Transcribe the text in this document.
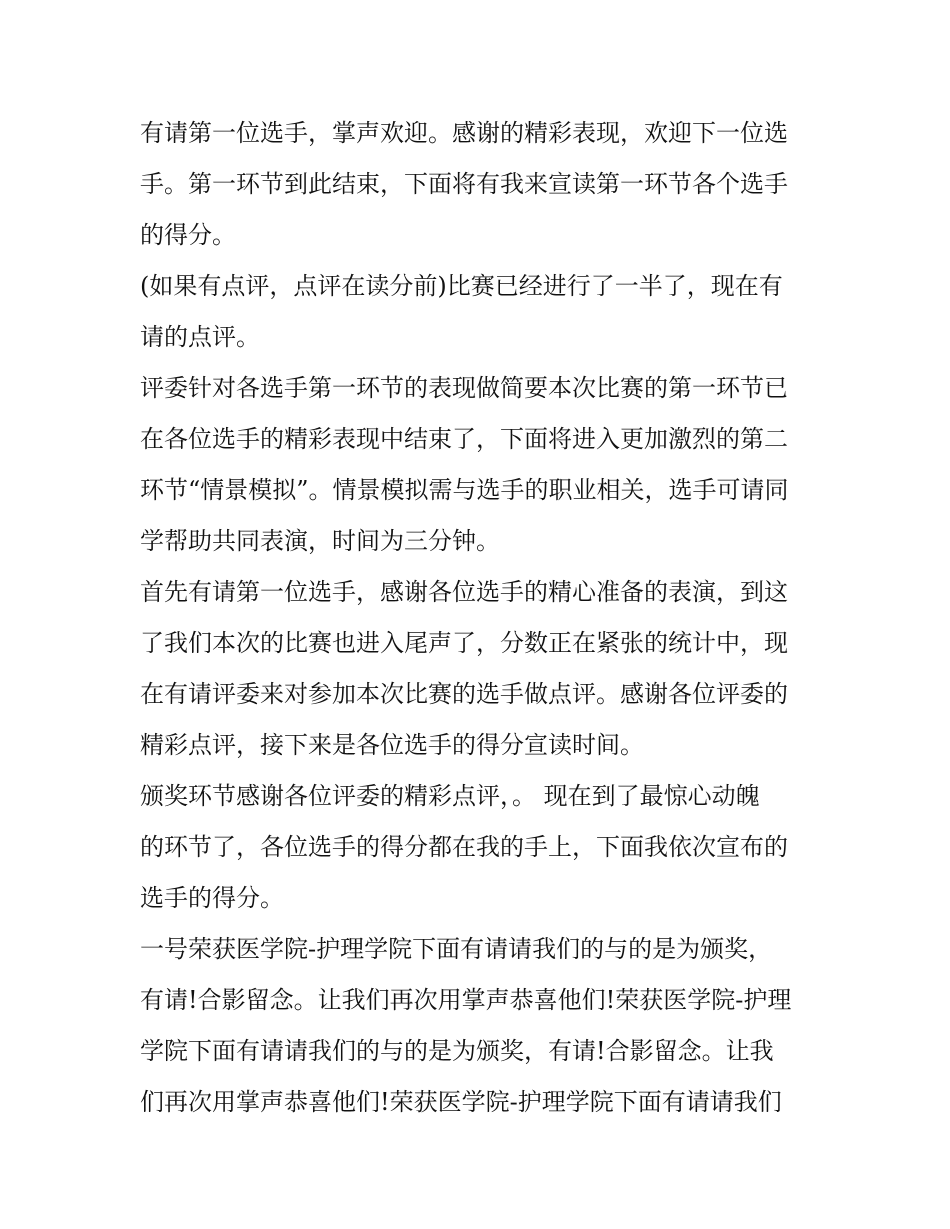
有请第一位选手，掌声欢迎。感谢的精彩表现，欢迎下一位选
手。第一环节到此结束，下面将有我来宣读第一环节各个选手
的得分。
(如果有点评，点评在读分前)比赛已经进行了一半了，现在有
请的点评。
评委针对各选手第一环节的表现做简要本次比赛的第一环节已
在各位选手的精彩表现中结束了，下面将进入更加激烈的第二
环节“情景模拟”。情景模拟需与选手的职业相关，选手可请同
学帮助共同表演，时间为三分钟。
首先有请第一位选手，感谢各位选手的精心准备的表演，到这
了我们本次的比赛也进入尾声了，分数正在紧张的统计中，现
在有请评委来对参加本次比赛的选手做点评。感谢各位评委的
精彩点评，接下来是各位选手的得分宣读时间。
颁奖环节感谢各位评委的精彩点评，。 现在到了最惊心动魄
的环节了，各位选手的得分都在我的手上，下面我依次宣布的
选手的得分。
一号荣获医学院-护理学院下面有请请我们的与的是为颁奖，
有请!合影留念。让我们再次用掌声恭喜他们!荣获医学院-护理
学院下面有请请我们的与的是为颁奖，有请!合影留念。让我
们再次用掌声恭喜他们!荣获医学院-护理学院下面有请请我们
